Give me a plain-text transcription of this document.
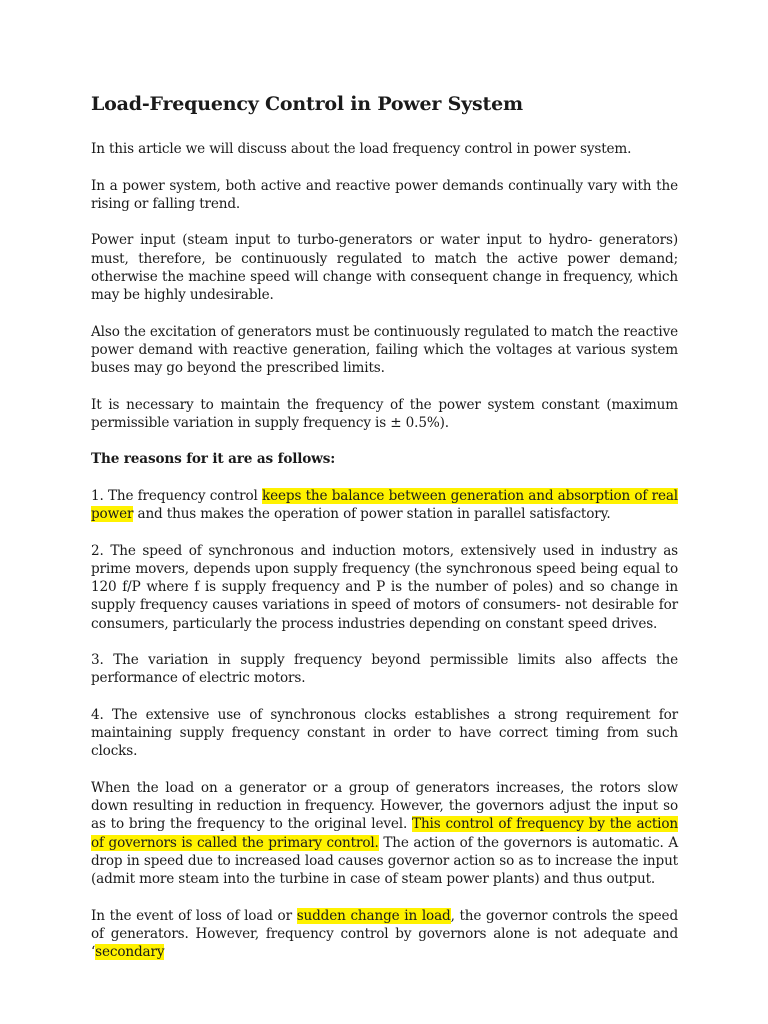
Load-Frequency Control in Power System

In this article we will discuss about the load frequency control in power system.

In a power system, both active and reactive power demands continually vary with the rising or falling trend.

Power input (steam input to turbo-generators or water input to hydro- generators) must, therefore, be continuously regulated to match the active power demand; otherwise the machine speed will change with consequent change in frequency, which may be highly undesirable.

Also the excitation of generators must be continuously regulated to match the reactive power demand with reactive generation, failing which the voltages at various system buses may go beyond the prescribed limits.

It is necessary to maintain the frequency of the power system constant (maximum permissible variation in supply frequency is ± 0.5%).

The reasons for it are as follows:

1. The frequency control keeps the balance between generation and absorption of real power and thus makes the operation of power station in parallel satisfactory.

2. The speed of synchronous and induction motors, extensively used in industry as prime movers, depends upon supply frequency (the synchronous speed being equal to 120 f/P where f is supply frequency and P is the number of poles) and so change in supply frequency causes variations in speed of motors of consumers- not desirable for consumers, particularly the process industries depending on constant speed drives.

3. The variation in supply frequency beyond permissible limits also affects the performance of electric motors.

4. The extensive use of synchronous clocks establishes a strong requirement for maintaining supply frequency constant in order to have correct timing from such clocks.

When the load on a generator or a group of generators increases, the rotors slow down resulting in reduction in frequency. However, the governors adjust the input so as to bring the frequency to the original level. This control of frequency by the action of governors is called the primary control. The action of the governors is automatic. A drop in speed due to increased load causes governor action so as to increase the input (admit more steam into the turbine in case of steam power plants) and thus output.

In the event of loss of load or sudden change in load, the governor controls the speed of generators. However, frequency control by governors alone is not adequate and ‘secondary
